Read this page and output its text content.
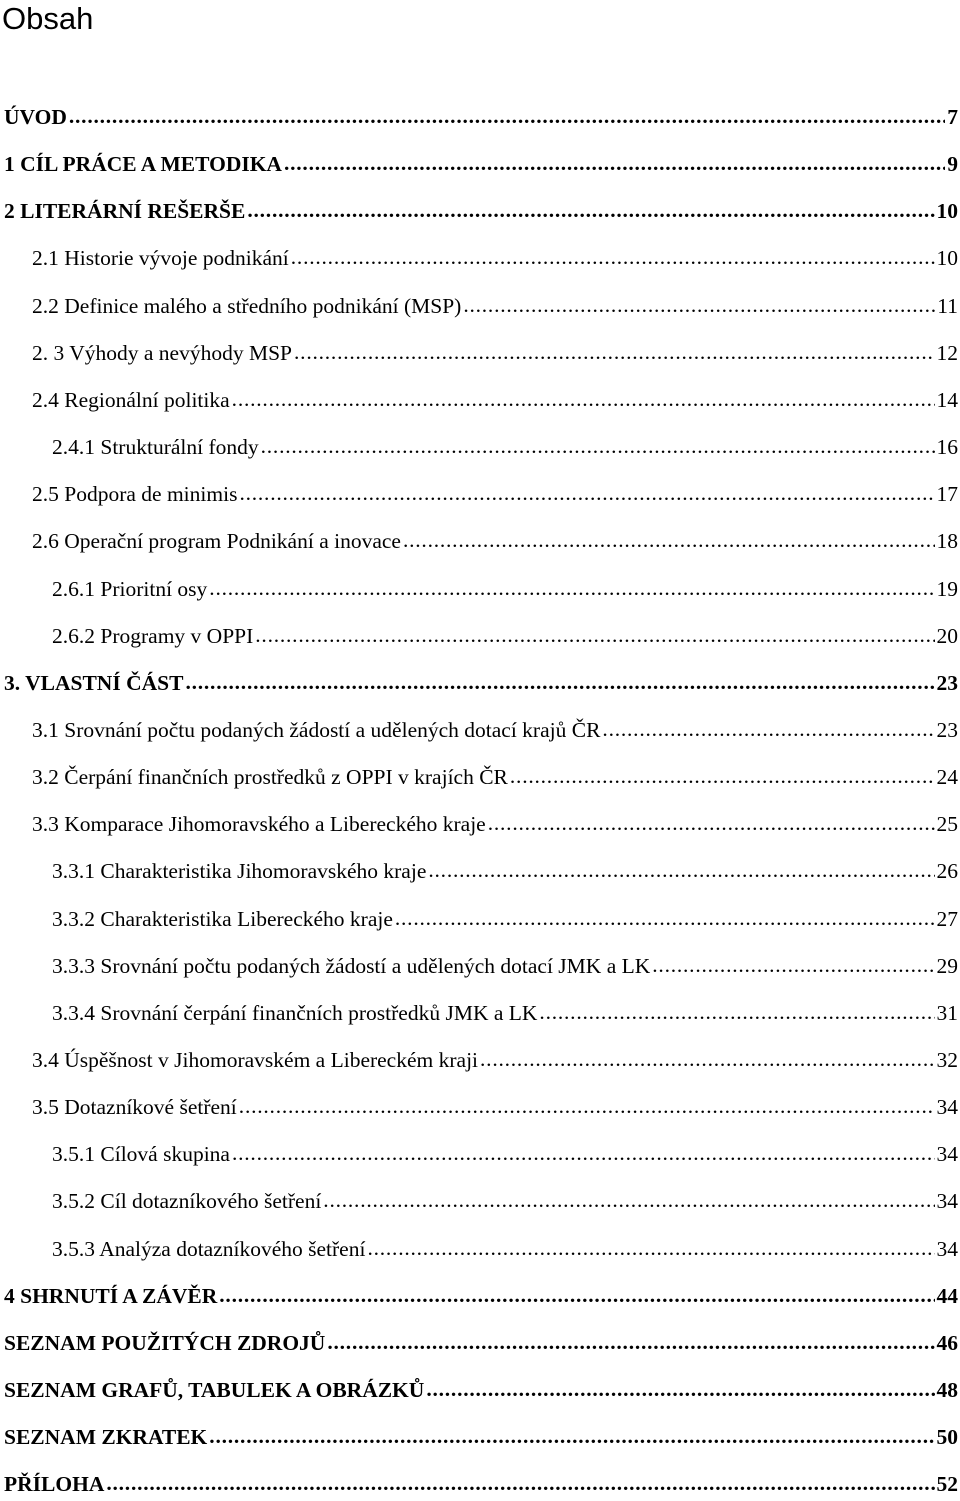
Obsah
ÚVOD . . .	7
1 CÍL PRÁCE A METODIKA . . .	9
2 LITERÁRNÍ REŠERŠE . . .	10
2.1 Historie vývoje podnikání . . .	10
2.2 Definice malého a středního podnikání (MSP) . . .	11
2. 3 Výhody a nevýhody MSP . . .	12
2.4 Regionální politika . . .	14
2.4.1 Strukturální fondy . . .	16
2.5 Podpora de minimis . . .	17
2.6 Operační program Podnikání a inovace . . .	18
2.6.1 Prioritní osy . . .	19
2.6.2 Programy v OPPI . . .	20
3. VLASTNÍ ČÁST . . .	23
3.1 Srovnání počtu podaných žádostí a udělených dotací krajů ČR . . .	23
3.2 Čerpání finančních prostředků z OPPI v krajích ČR . . .	24
3.3 Komparace Jihomoravského a Libereckého kraje . . .	25
3.3.1 Charakteristika Jihomoravského kraje . . .	26
3.3.2 Charakteristika Libereckého kraje . . .	27
3.3.3 Srovnání počtu podaných žádostí a udělených dotací JMK a LK . . .	29
3.3.4 Srovnání čerpání finančních prostředků JMK a LK . . .	31
3.4 Úspěšnost v Jihomoravském a Libereckém kraji . . .	32
3.5 Dotazníkové šetření . . .	34
3.5.1 Cílová skupina . . .	34
3.5.2 Cíl dotazníkového šetření . . .	34
3.5.3 Analýza dotazníkového šetření . . .	34
4 SHRNUTÍ A ZÁVĚR . . .	44
SEZNAM POUŽITÝCH ZDROJŮ . . .	46
SEZNAM GRAFŮ, TABULEK A OBRÁZKŮ . . .	48
SEZNAM ZKRATEK . . .	50
PŘÍLOHA . . .	52
